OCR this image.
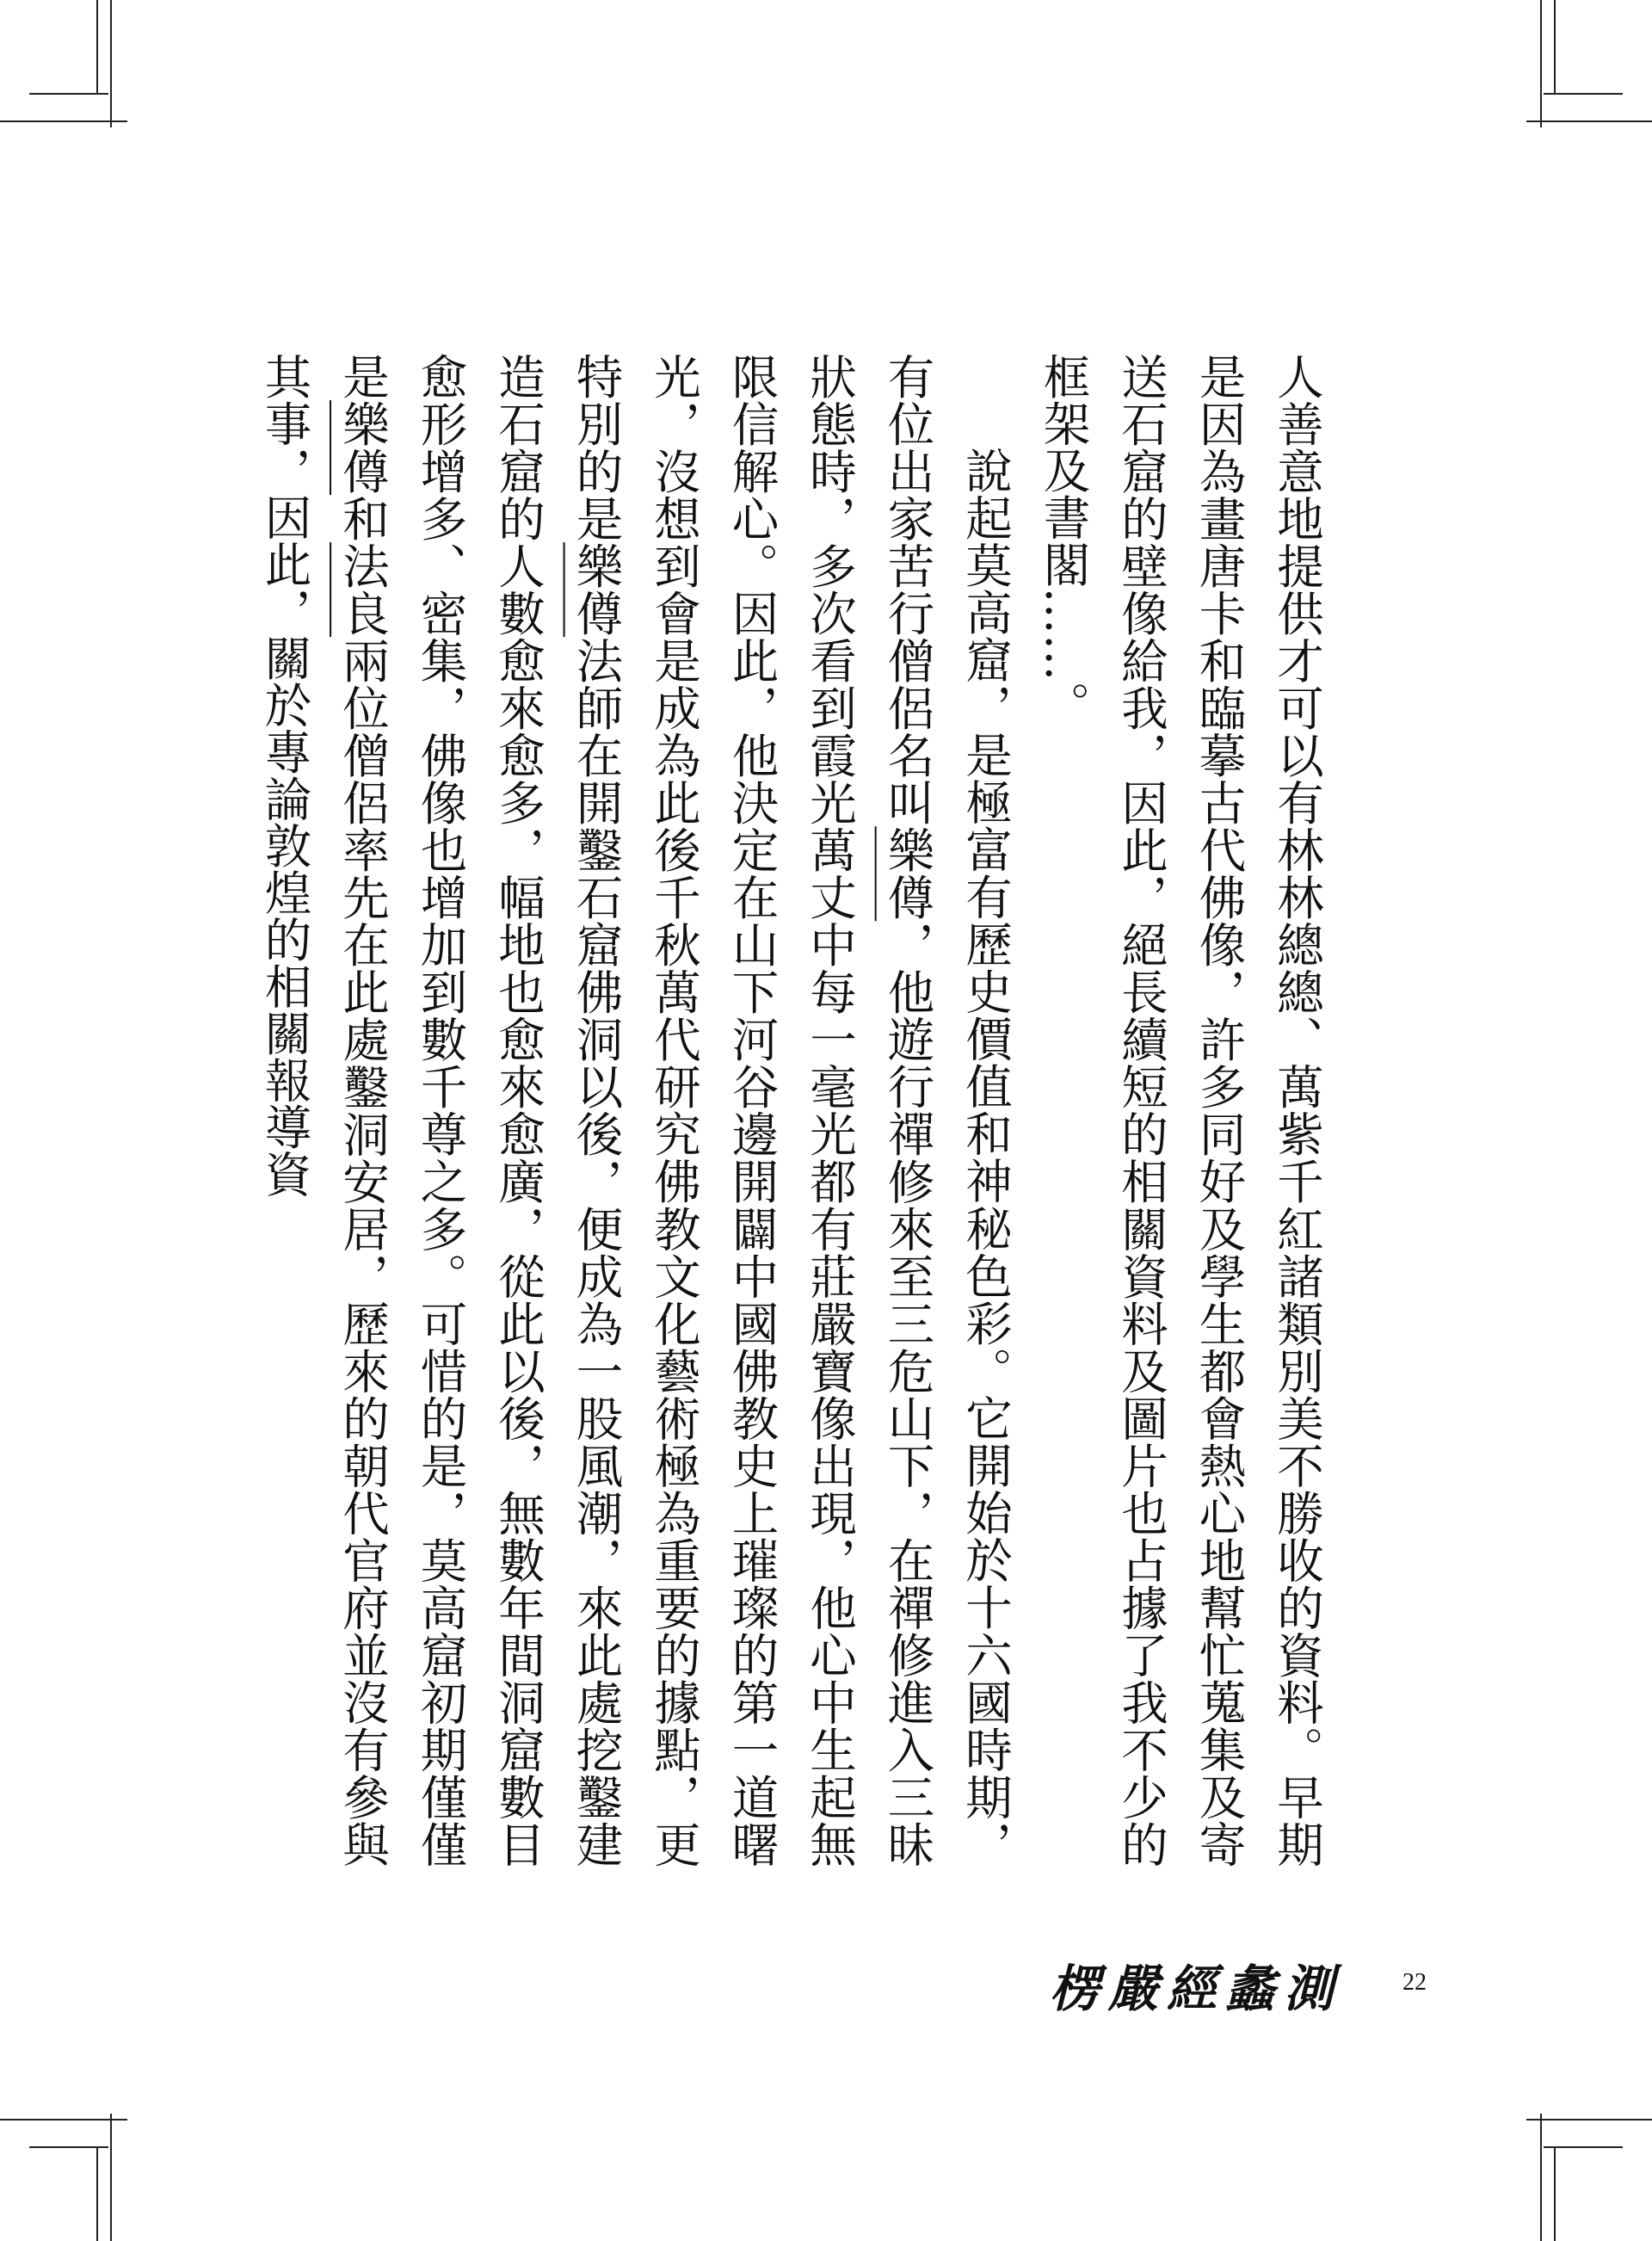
人善意地提供才可以有林林總總、萬紫千紅諸類別美不勝收的資料。早期是因為畫唐卡和臨摹古代佛像，許多同好及學生都會熱心地幫忙蒐集及寄送石窟的壁像給我，因此，絕長續短的相關資料及圖片也占據了我不少的框架及書閣……。

說起莫高窟，是極富有歷史價值和神秘色彩。它開始於十六國時期，有位出家苦行僧侶名叫樂僔，他遊行禪修來至三危山下，在禪修進入三昧狀態時，多次看到霞光萬丈中每一毫光都有莊嚴寶像出現，他心中生起無限信解心。因此，他決定在山下河谷邊開闢中國佛教史上璀璨的第一道曙光，沒想到會是成為此後千秋萬代研究佛教文化藝術極為重要的據點，更特別的是樂僔法師在開鑿石窟佛洞以後，便成為一股風潮，來此處挖鑿建造石窟的人數愈來愈多，幅地也愈來愈廣，從此以後，無數年間洞窟數目愈形增多、密集，佛像也增加到數千尊之多。可惜的是，莫高窟初期僅僅是樂僔和法良兩位僧侶率先在此處鑿洞安居，歷來的朝代官府並沒有參與其事，因此，關於專論敦煌的相關報導資

楞嚴經蠡測	22
